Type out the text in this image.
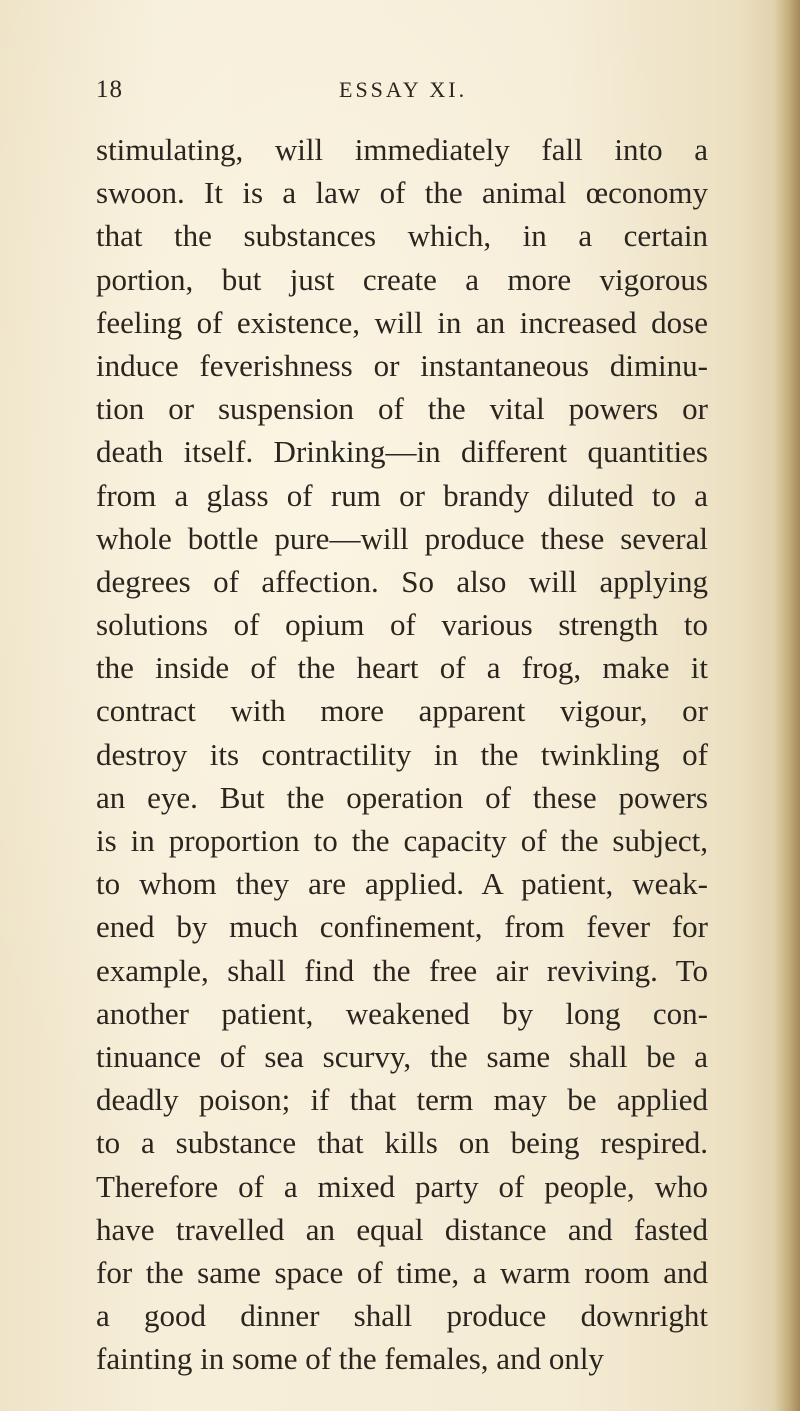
18	ESSAY XI.
stimulating, will immediately fall into a
swoon. It is a law of the animal œconomy
that the substances which, in a certain
portion, but just create a more vigorous
feeling of existence, will in an increased dose
induce feverishness or instantaneous diminu-
tion or suspension of the vital powers or
death itself. Drinking—in different quantities
from a glass of rum or brandy diluted to a
whole bottle pure—will produce these several
degrees of affection. So also will applying
solutions of opium of various strength to
the inside of the heart of a frog, make it
contract with more apparent vigour, or
destroy its contractility in the twinkling of
an eye. But the operation of these powers
is in proportion to the capacity of the subject,
to whom they are applied. A patient, weak-
ened by much confinement, from fever for
example, shall find the free air reviving. To
another patient, weakened by long con-
tinuance of sea scurvy, the same shall be a
deadly poison; if that term may be applied
to a substance that kills on being respired.
Therefore of a mixed party of people, who
have travelled an equal distance and fasted
for the same space of time, a warm room and
a good dinner shall produce downright
fainting in some of the females, and only
